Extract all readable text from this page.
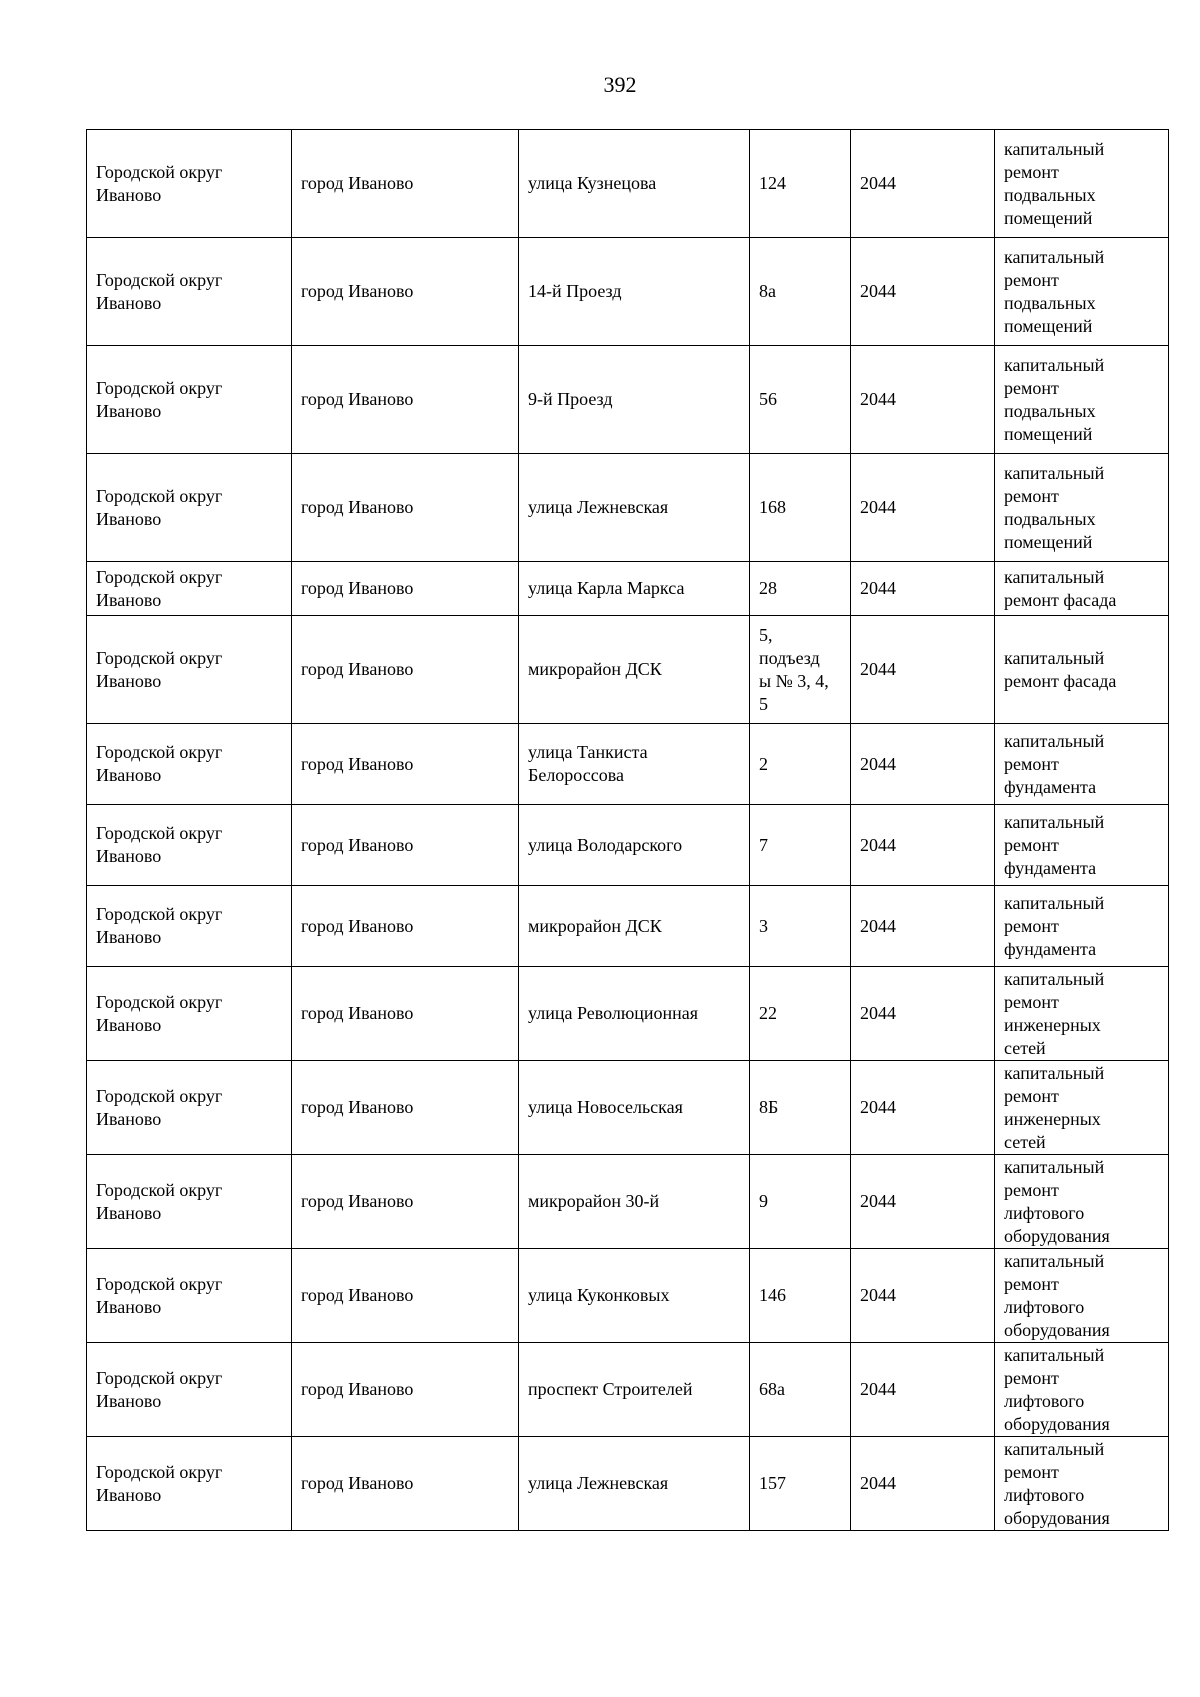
392
Городской округ
Иваново	город Иваново	улица Кузнецова	124	2044	капитальный
ремонт
подвальных
помещений

Городской округ
Иваново	город Иваново	14-й Проезд	8а	2044	капитальный
ремонт
подвальных
помещений

Городской округ
Иваново	город Иваново	9-й Проезд	56	2044	капитальный
ремонт
подвальных
помещений

Городской округ
Иваново	город Иваново	улица Лежневская	168	2044	капитальный
ремонт
подвальных
помещений

Городской округ
Иваново	город Иваново	улица Карла Маркса	28	2044	капитальный
ремонт фасада

Городской округ
Иваново	город Иваново	микрорайон ДСК	5,
подъезд
ы № 3, 4,
5	2044	капитальный
ремонт фасада

Городской округ
Иваново	город Иваново	улица Танкиста
Белороссова	2	2044	капитальный
ремонт
фундамента

Городской округ
Иваново	город Иваново	улица Володарского	7	2044	капитальный
ремонт
фундамента

Городской округ
Иваново	город Иваново	микрорайон ДСК	3	2044	капитальный
ремонт
фундамента

Городской округ
Иваново	город Иваново	улица Революционная	22	2044	капитальный
ремонт
инженерных
сетей

Городской округ
Иваново	город Иваново	улица Новосельская	8Б	2044	капитальный
ремонт
инженерных
сетей

Городской округ
Иваново	город Иваново	микрорайон 30-й	9	2044	капитальный
ремонт
лифтового
оборудования

Городской округ
Иваново	город Иваново	улица Куконковых	146	2044	капитальный
ремонт
лифтового
оборудования

Городской округ
Иваново	город Иваново	проспект Строителей	68а	2044	капитальный
ремонт
лифтового
оборудования

Городской округ
Иваново	город Иваново	улица Лежневская	157	2044	капитальный
ремонт
лифтового
оборудования
